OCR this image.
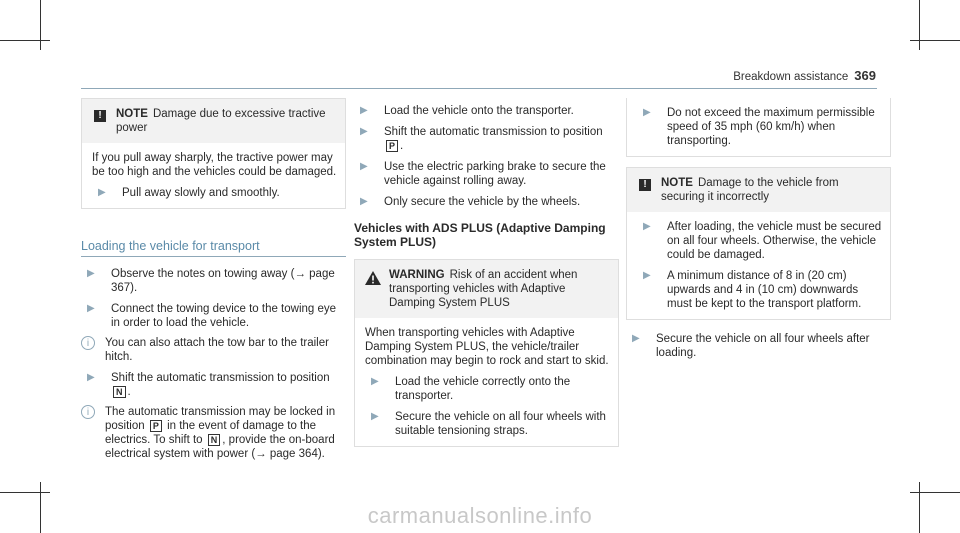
Breakdown assistance 369
!	NOTE Damage due to excessive tractive power

If you pull away sharply, the tractive power may be too high and the vehicles could be damaged.

▶	Pull away slowly and smoothly.
Loading the vehicle for transport
▶	Observe the notes on towing away (→ page 367).
▶	Connect the towing device to the towing eye in order to load the vehicle.
i	You can also attach the tow bar to the trailer hitch.
▶	Shift the automatic transmission to position N .
i	The automatic transmission may be locked in position P in the event of damage to the electrics. To shift to N , provide the on-board electrical system with power (→ page 364).
▶	Load the vehicle onto the transporter.
▶	Shift the automatic transmission to position P .
▶	Use the electric parking brake to secure the vehicle against rolling away.
▶	Only secure the vehicle by the wheels.
Vehicles with ADS PLUS (Adaptive Damping System PLUS)
WARNING Risk of an accident when transporting vehicles with Adaptive Damping System PLUS

When transporting vehicles with Adaptive Damping System PLUS, the vehicle/trailer combination may begin to rock and start to skid.

▶	Load the vehicle correctly onto the transporter.
▶	Secure the vehicle on all four wheels with suitable tensioning straps.
▶	Do not exceed the maximum permissible speed of 35 mph (60 km/h) when transporting.
!	NOTE Damage to the vehicle from securing it incorrectly
▶	After loading, the vehicle must be secured on all four wheels. Otherwise, the vehicle could be damaged.
▶	A minimum distance of 8 in (20 cm) upwards and 4 in (10 cm) downwards must be kept to the transport platform.
▶	Secure the vehicle on all four wheels after loading.
carmanualsonline.info
